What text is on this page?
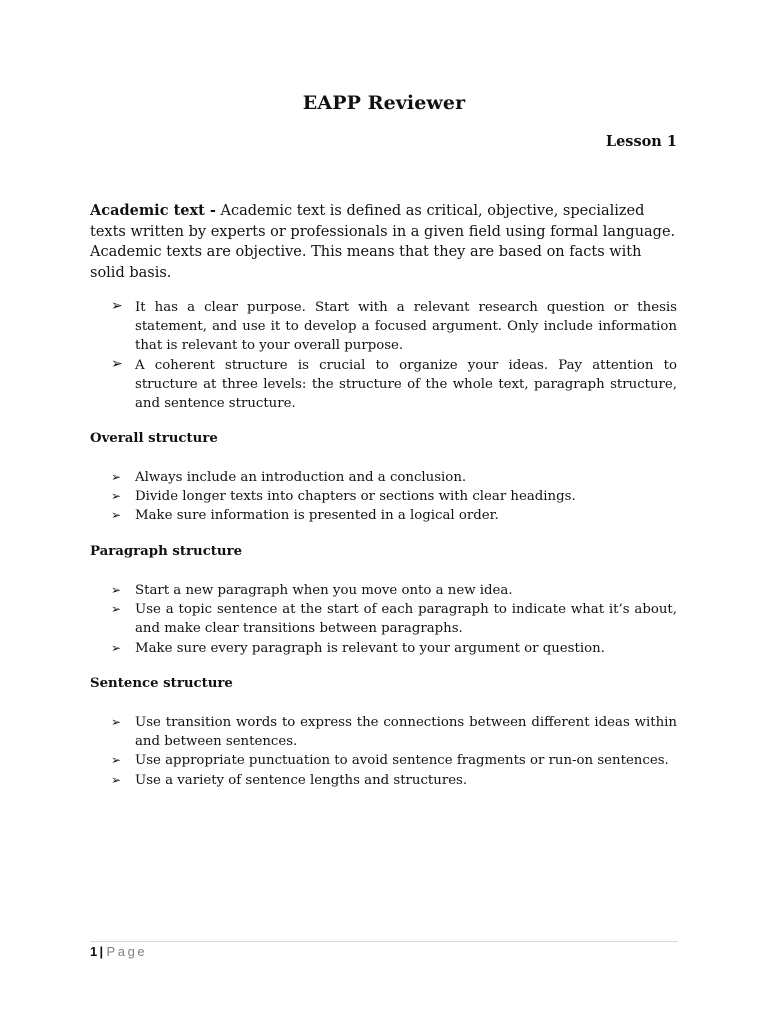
EAPP Reviewer
Lesson 1

Academic text - Academic text is defined as critical, objective, specialized texts written by experts or professionals in a given field using formal language. Academic texts are objective. This means that they are based on facts with solid basis.

➢ It has a clear purpose. Start with a relevant research question or thesis statement, and use it to develop a focused argument. Only include information that is relevant to your overall purpose.
➢ A coherent structure is crucial to organize your ideas. Pay attention to structure at three levels: the structure of the whole text, paragraph structure, and sentence structure.
Overall structure
➢ Always include an introduction and a conclusion.
➢ Divide longer texts into chapters or sections with clear headings.
➢ Make sure information is presented in a logical order.
Paragraph structure
➢ Start a new paragraph when you move onto a new idea.
➢ Use a topic sentence at the start of each paragraph to indicate what it’s about, and make clear transitions between paragraphs.
➢ Make sure every paragraph is relevant to your argument or question.
Sentence structure
➢ Use transition words to express the connections between different ideas within and between sentences.
➢ Use appropriate punctuation to avoid sentence fragments or run-on sentences.
➢ Use a variety of sentence lengths and structures.
1 | Page
